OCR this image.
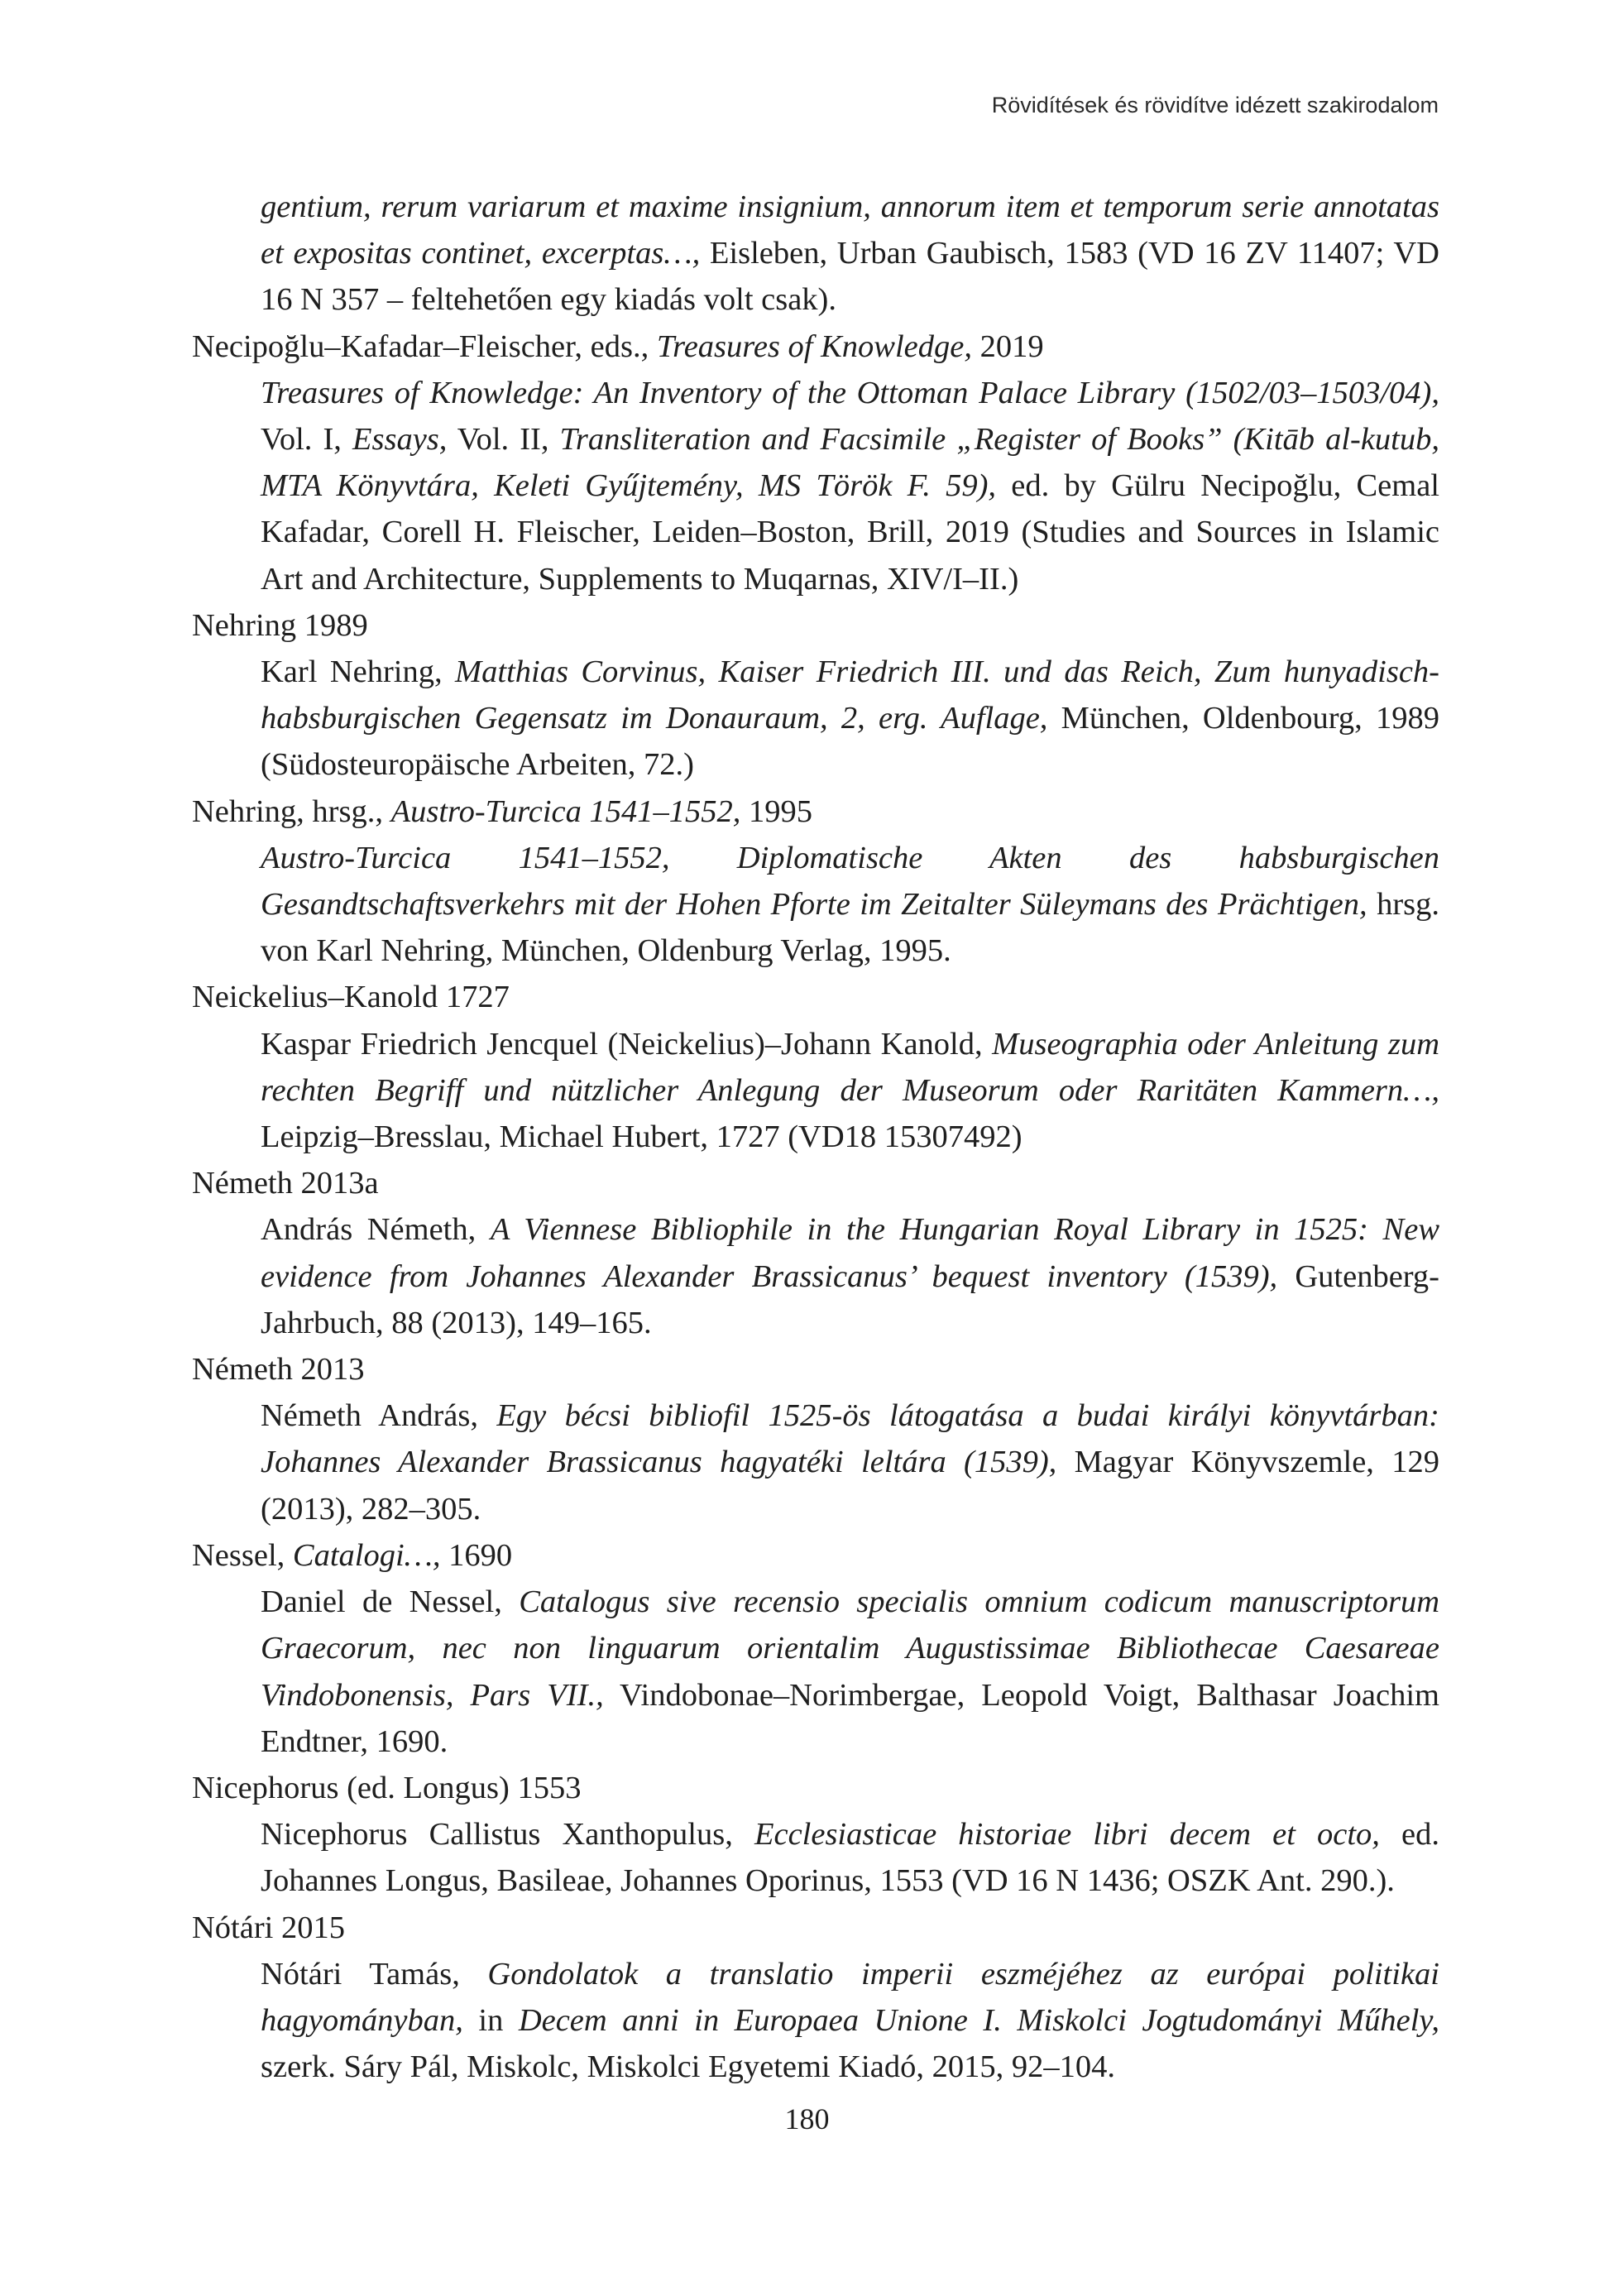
Rövidítések és rövidítve idézett szakirodalom

gentium, rerum variarum et maxime insignium, annorum item et temporum serie annotatas et expositas continet, excerptas…, Eisleben, Urban Gaubisch, 1583 (VD 16 ZV 11407; VD 16 N 357 – feltehetően egy kiadás volt csak).

Necipoğlu–Kafadar–Fleischer, eds., Treasures of Knowledge, 2019

Treasures of Knowledge: An Inventory of the Ottoman Palace Library (1502/03–1503/04), Vol. I, Essays, Vol. II, Transliteration and Facsimile „Register of Books” (Kitāb al-kutub, MTA Könyvtára, Keleti Gyűjtemény, MS Török F. 59), ed. by Gülru Necipoğlu, Cemal Kafadar, Corell H. Fleischer, Leiden–Boston, Brill, 2019 (Studies and Sources in Islamic Art and Architecture, Supplements to Muqarnas, XIV/I–II.)

Nehring 1989

Karl Nehring, Matthias Corvinus, Kaiser Friedrich III. und das Reich, Zum hunyadisch-habsburgischen Gegensatz im Donauraum, 2, erg. Auflage, München, Oldenbourg, 1989 (Südosteuropäische Arbeiten, 72.)

Nehring, hrsg., Austro-Turcica 1541–1552, 1995

Austro-Turcica 1541–1552, Diplomatische Akten des habsburgischen Gesandtschaftsverkehrs mit der Hohen Pforte im Zeitalter Süleymans des Prächtigen, hrsg. von Karl Nehring, München, Oldenburg Verlag, 1995.

Neickelius–Kanold 1727

Kaspar Friedrich Jencquel (Neickelius)–Johann Kanold, Museographia oder Anleitung zum rechten Begriff und nützlicher Anlegung der Museorum oder Raritäten Kammern…, Leipzig–Bresslau, Michael Hubert, 1727 (VD18 15307492)

Németh 2013a

András Németh, A Viennese Bibliophile in the Hungarian Royal Library in 1525: New evidence from Johannes Alexander Brassicanus’ bequest inventory (1539), Gutenberg-Jahrbuch, 88 (2013), 149–165.

Németh 2013

Németh András, Egy bécsi bibliofil 1525-ös látogatása a budai királyi könyvtárban: Johannes Alexander Brassicanus hagyatéki leltára (1539), Magyar Könyvszemle, 129 (2013), 282–305.

Nessel, Catalogi…, 1690

Daniel de Nessel, Catalogus sive recensio specialis omnium codicum manuscriptorum Graecorum, nec non linguarum orientalim Augustissimae Bibliothecae Caesareae Vindobonensis, Pars VII., Vindobonae–Norimbergae, Leopold Voigt, Balthasar Joachim Endtner, 1690.

Nicephorus (ed. Longus) 1553

Nicephorus Callistus Xanthopulus, Ecclesiasticae historiae libri decem et octo, ed. Johannes Longus, Basileae, Johannes Oporinus, 1553 (VD 16 N 1436; OSZK Ant. 290.).

Nótári 2015

Nótári Tamás, Gondolatok a translatio imperii eszméjéhez az európai politikai hagyományban, in Decem anni in Europaea Unione I. Miskolci Jogtudományi Műhely, szerk. Sáry Pál, Miskolc, Miskolci Egyetemi Kiadó, 2015, 92–104.

180
